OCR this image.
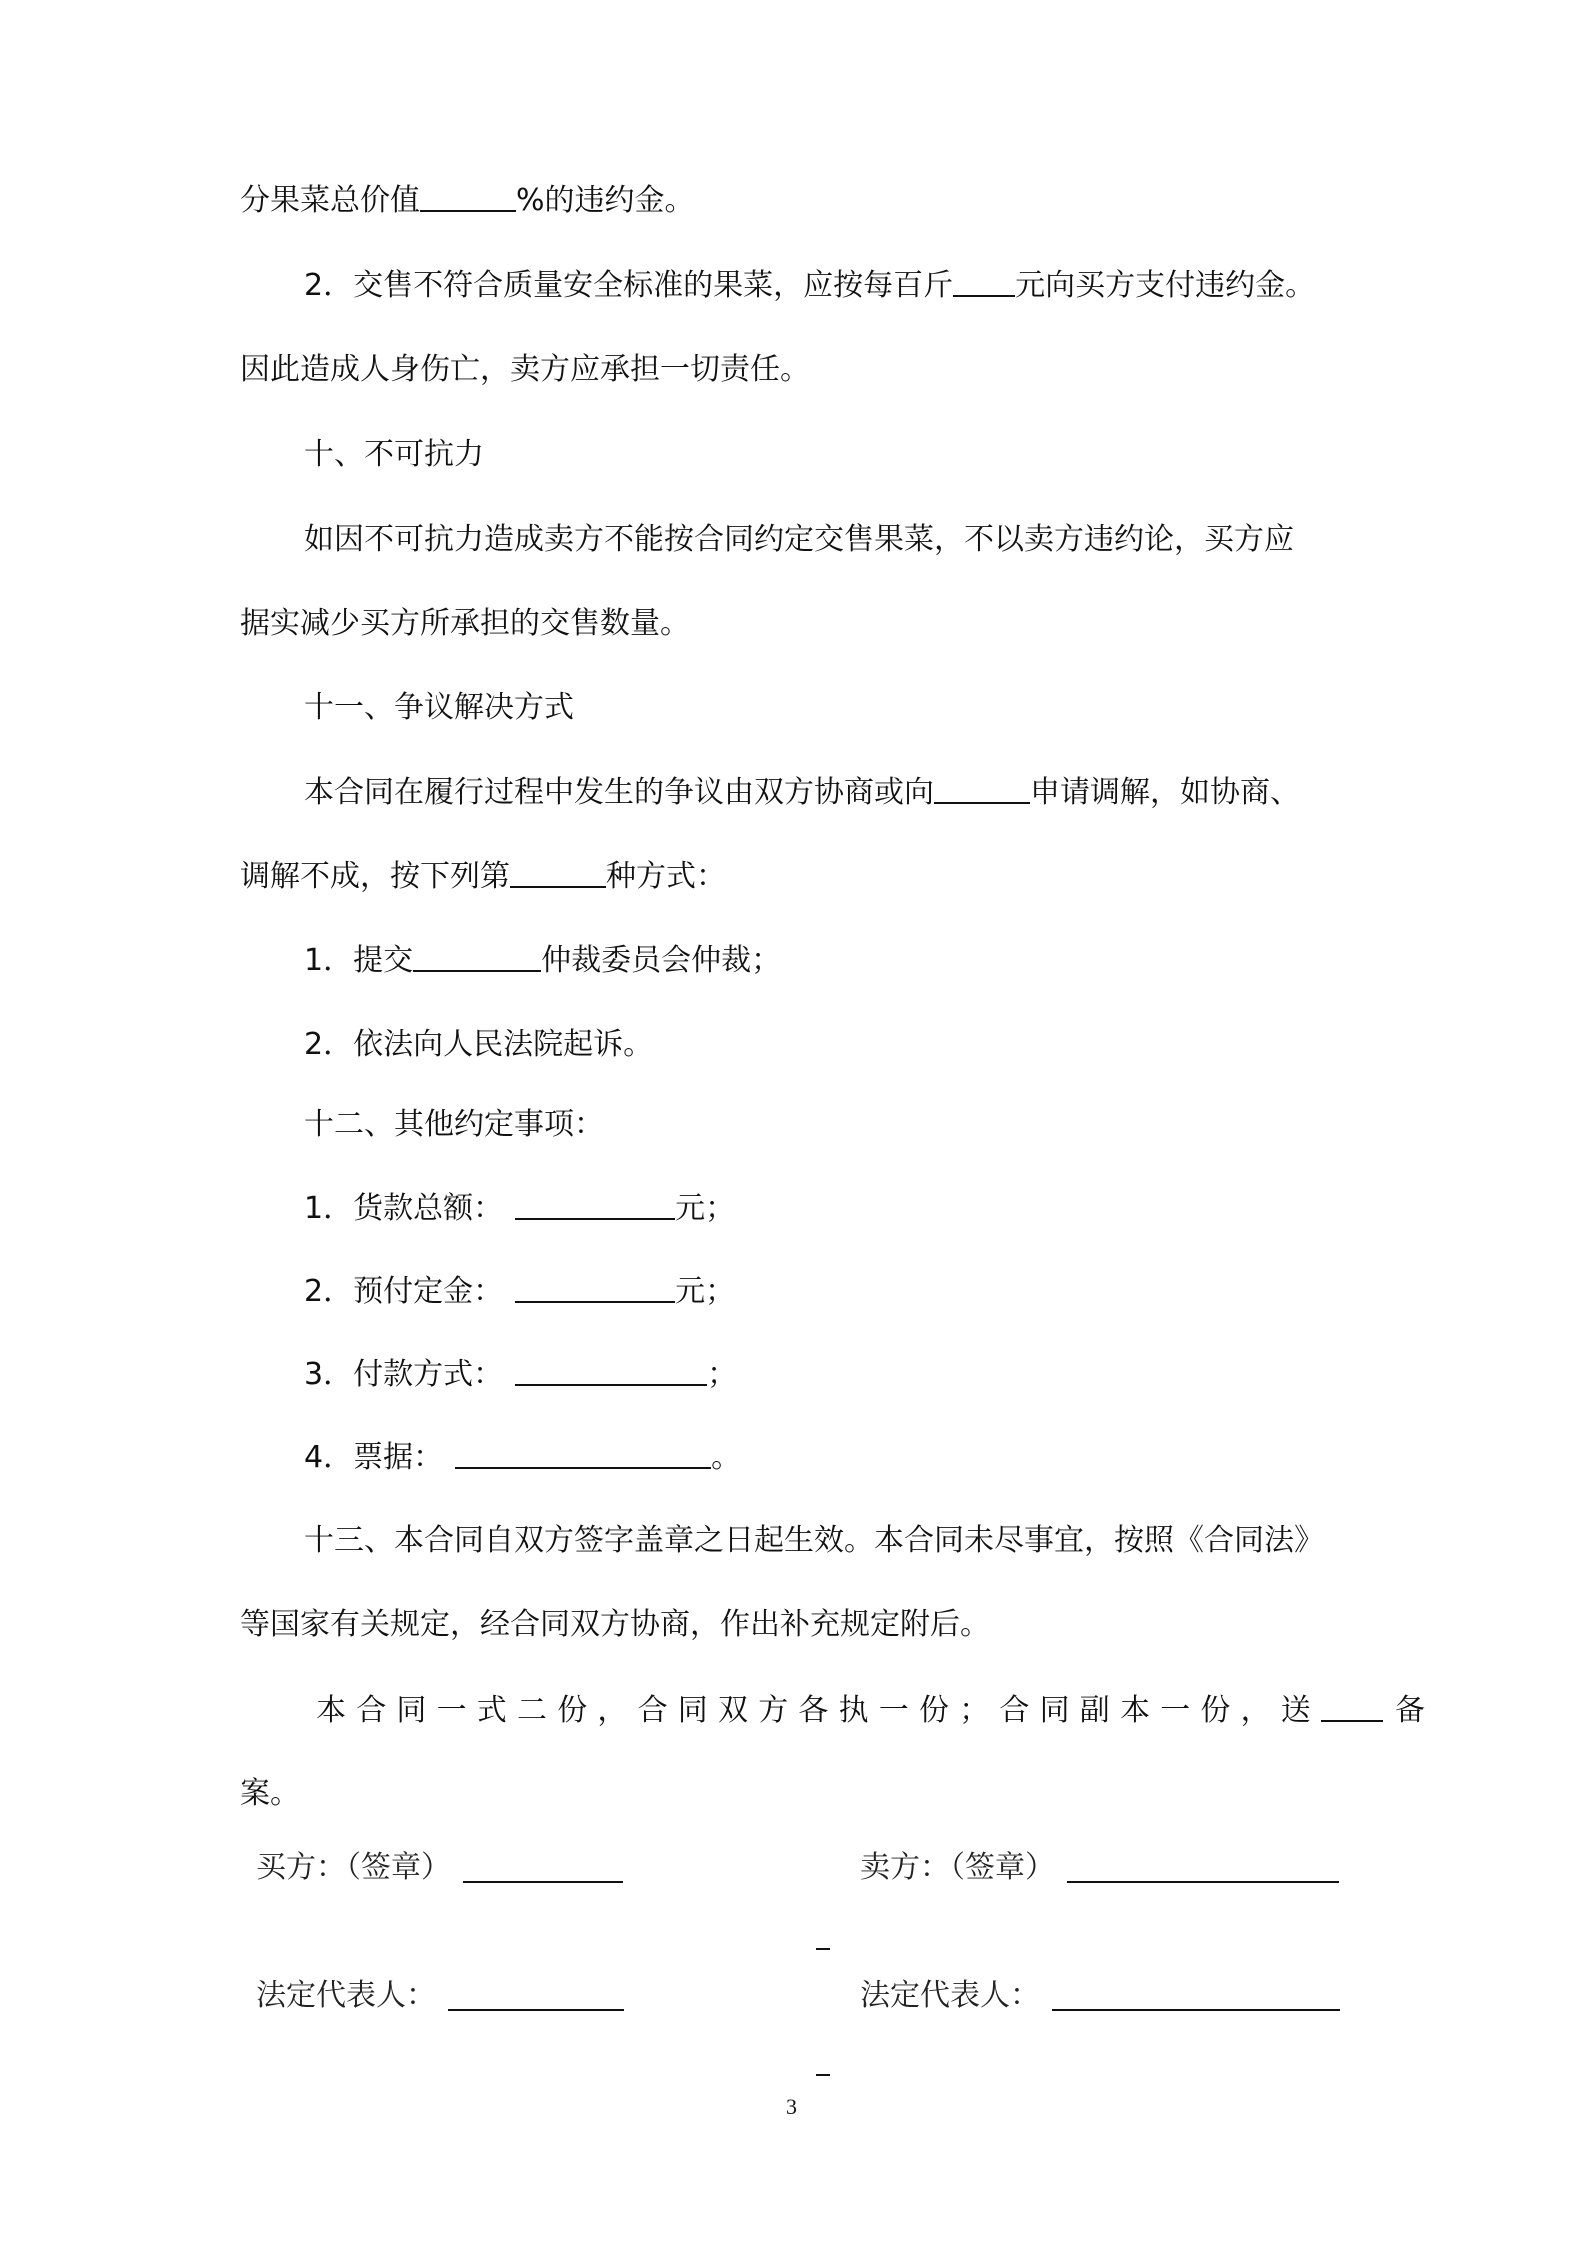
分果菜总价值	%的违约金。
2．交售不符合质量安全标准的果菜，应按每百斤 元向买方支付违约金。
因此造成人身伤亡，卖方应承担一切责任。
十、不可抗力
如因不可抗力造成卖方不能按合同约定交售果菜，不以卖方违约论，买方应
据实减少买方所承担的交售数量。
十一、争议解决方式
本合同在履行过程中发生的争议由双方协商或向	申请调解，如协商、
调解不成，按下列第	种方式：
1．提交	仲裁委员会仲裁；
2．依法向人民法院起诉。
十二、其他约定事项：
1．货款总额：	元；
2．预付定金：	元；
3．付款方式：	；
4．票据：	。
十三、本合同自双方签字盖章之日起生效。本合同未尽事宜，按照《合同法》
等国家有关规定，经合同双方协商，作出补充规定附后。
本合同一式二份，合同双方各执一份；合同副本一份，送 备
案。
买方：（签章）	卖方：（签章）
法定代表人：	法定代表人：
3
